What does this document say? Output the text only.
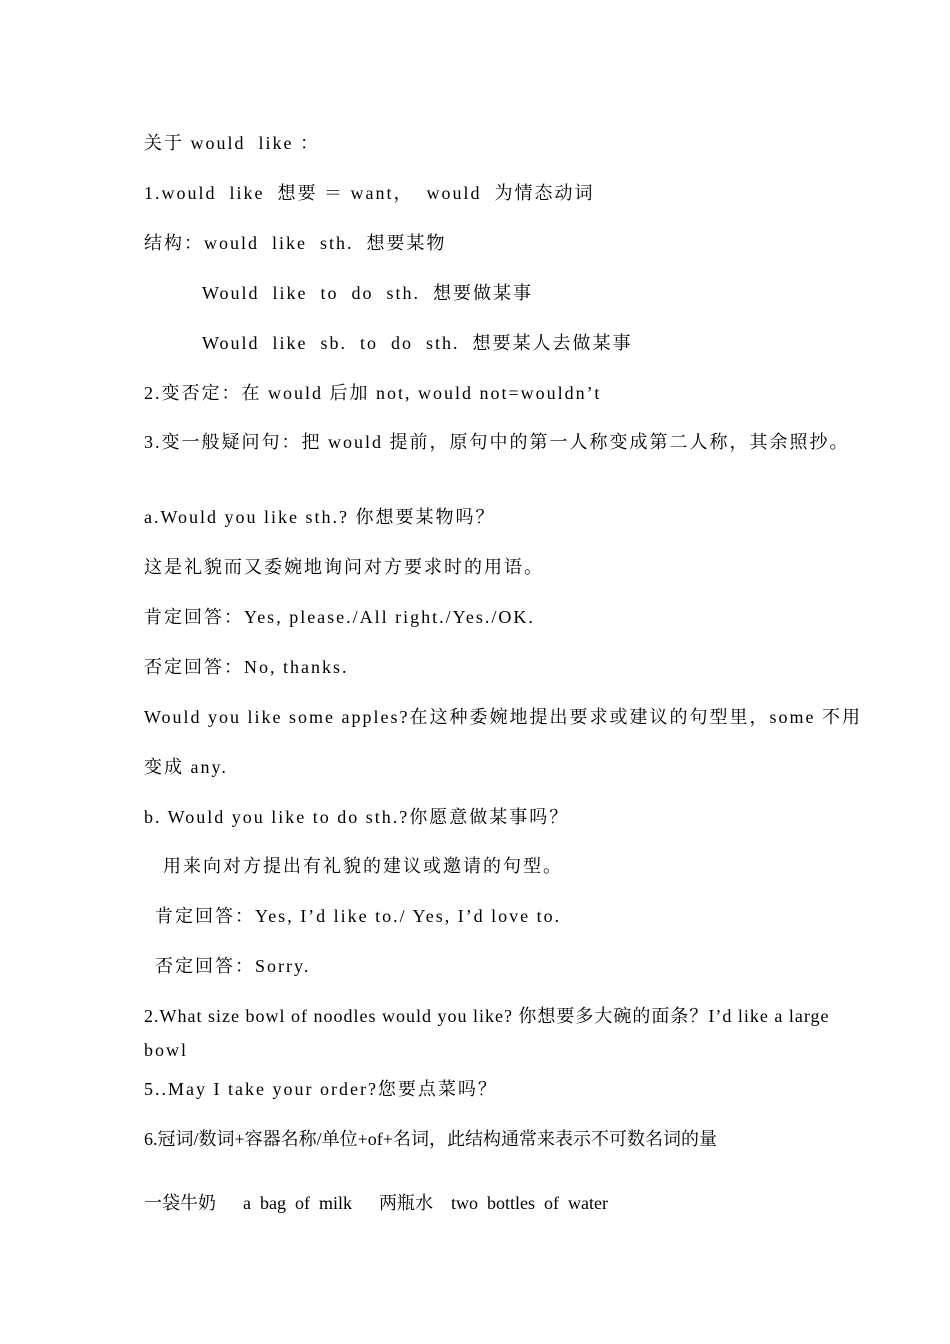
关于 would  like ：
1.would  like  想要 ＝ want，  would  为情态动词
结构：would  like  sth.  想要某物
Would  like  to  do  sth.  想要做某事
Would  like  sb.  to  do  sth.  想要某人去做某事
2.变否定：在 would 后加 not, would not=wouldn’t
3.变一般疑问句：把 would 提前，原句中的第一人称变成第二人称，其余照抄。
a.Would you like sth.? 你想要某物吗？
这是礼貌而又委婉地询问对方要求时的用语。
肯定回答：Yes, please./All right./Yes./OK.
否定回答：No, thanks.
Would you like some apples?在这种委婉地提出要求或建议的句型里，some 不用
变成 any.
b. Would you like to do sth.?你愿意做某事吗？
用来向对方提出有礼貌的建议或邀请的句型。
肯定回答：Yes, I’d like to./ Yes, I’d love to.
否定回答：Sorry.
2.What size bowl of noodles would you like? 你想要多大碗的面条？I’d like a large
bowl
5..May I take your order?您要点菜吗？
6.冠词/数词+容器名称/单位+of+名词，此结构通常来表示不可数名词的量
一袋牛奶      a  bag  of  milk      两瓶水    two  bottles  of  water
